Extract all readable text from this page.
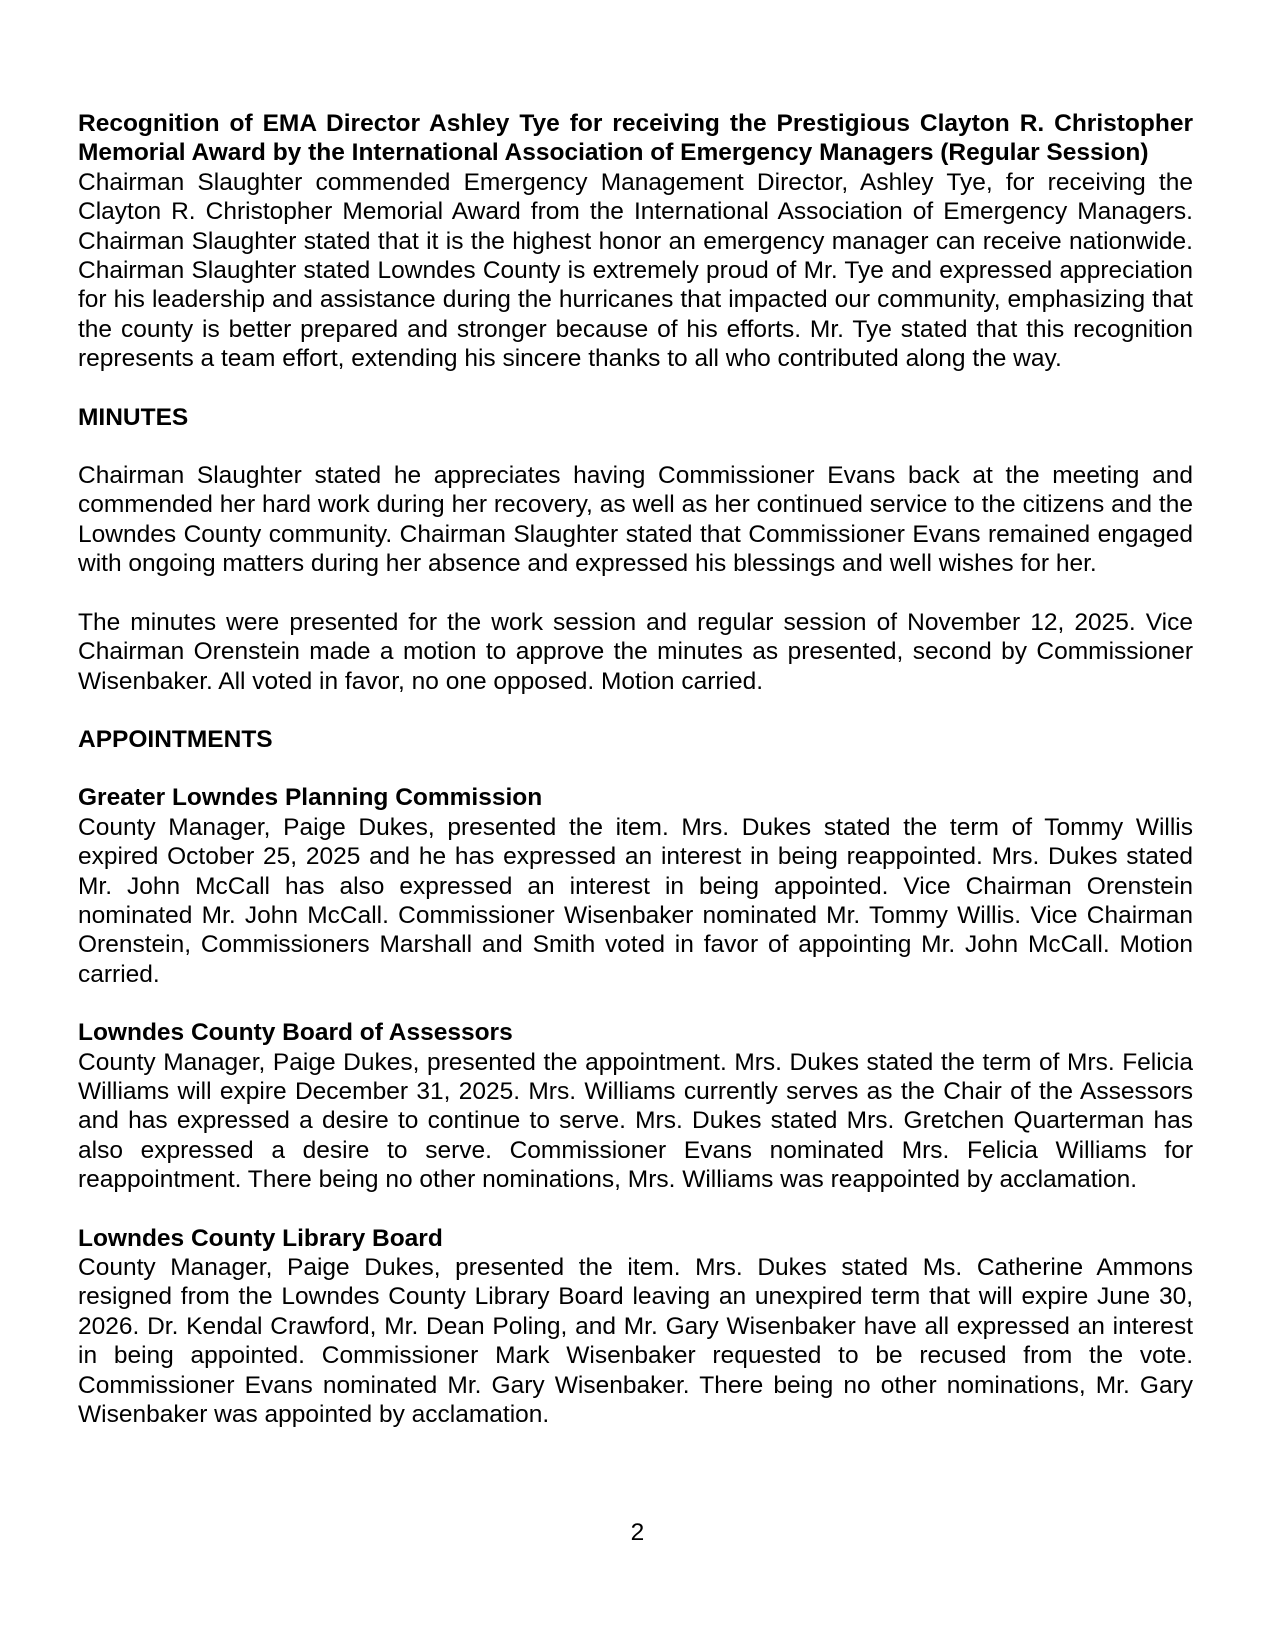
Recognition of EMA Director Ashley Tye for receiving the Prestigious Clayton R. Christopher Memorial Award by the International Association of Emergency Managers (Regular Session)

Chairman Slaughter commended Emergency Management Director, Ashley Tye, for receiving the Clayton R. Christopher Memorial Award from the International Association of Emergency Managers. Chairman Slaughter stated that it is the highest honor an emergency manager can receive nationwide. Chairman Slaughter stated Lowndes County is extremely proud of Mr. Tye and expressed appreciation for his leadership and assistance during the hurricanes that impacted our community, emphasizing that the county is better prepared and stronger because of his efforts. Mr. Tye stated that this recognition represents a team effort, extending his sincere thanks to all who contributed along the way.

MINUTES

Chairman Slaughter stated he appreciates having Commissioner Evans back at the meeting and commended her hard work during her recovery, as well as her continued service to the citizens and the Lowndes County community. Chairman Slaughter stated that Commissioner Evans remained engaged with ongoing matters during her absence and expressed his blessings and well wishes for her.

The minutes were presented for the work session and regular session of November 12, 2025. Vice Chairman Orenstein made a motion to approve the minutes as presented, second by Commissioner Wisenbaker. All voted in favor, no one opposed. Motion carried.

APPOINTMENTS
Greater Lowndes Planning Commission

County Manager, Paige Dukes, presented the item. Mrs. Dukes stated the term of Tommy Willis expired October 25, 2025 and he has expressed an interest in being reappointed. Mrs. Dukes stated Mr. John McCall has also expressed an interest in being appointed. Vice Chairman Orenstein nominated Mr. John McCall. Commissioner Wisenbaker nominated Mr. Tommy Willis. Vice Chairman Orenstein, Commissioners Marshall and Smith voted in favor of appointing Mr. John McCall. Motion carried.

Lowndes County Board of Assessors

County Manager, Paige Dukes, presented the appointment. Mrs. Dukes stated the term of Mrs. Felicia Williams will expire December 31, 2025. Mrs. Williams currently serves as the Chair of the Assessors and has expressed a desire to continue to serve. Mrs. Dukes stated Mrs. Gretchen Quarterman has also expressed a desire to serve. Commissioner Evans nominated Mrs. Felicia Williams for reappointment. There being no other nominations, Mrs. Williams was reappointed by acclamation.

Lowndes County Library Board

County Manager, Paige Dukes, presented the item. Mrs. Dukes stated Ms. Catherine Ammons resigned from the Lowndes County Library Board leaving an unexpired term that will expire June 30, 2026. Dr. Kendal Crawford, Mr. Dean Poling, and Mr. Gary Wisenbaker have all expressed an interest in being appointed. Commissioner Mark Wisenbaker requested to be recused from the vote. Commissioner Evans nominated Mr. Gary Wisenbaker. There being no other nominations, Mr. Gary Wisenbaker was appointed by acclamation.

2
